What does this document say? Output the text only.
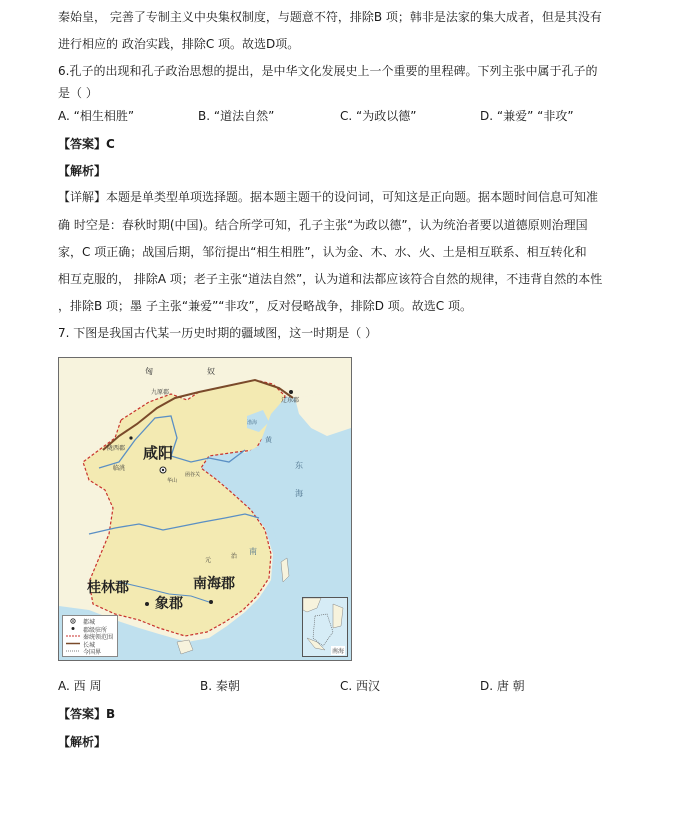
秦始皇， 完善了专制主义中央集权制度，与题意不符，排除B 项；韩非是法家的集大成者，但是其没有
进行相应的 政治实践，排除C 项。故选D项。
6.孔子的出现和孔子政治思想的提出，是中华文化发展史上一个重要的里程碑。下列主张中属于孔子的
是（ ）
A. “相生相胜”	B. “道法自然”	C. “为政以德”	D. “兼爱” “非攻”
【答案】C
【解析】
【详解】本题是单类型单项选择题。据本题主题干的设问词，可知这是正向题。据本题时间信息可知准
确 时空是：春秋时期(中国)。结合所学可知，孔子主张“为政以德”，认为统治者要以道德原则治理国
家，C 项正确；战国后期，邹衍提出“相生相胜”，认为金、木、水、火、土是相互联系、相互转化和
相互克服的， 排除A 项；老子主张“道法自然”，认为道和法都应该符合自然的规律，不违背自然的本性
，排除B 项；墨 子主张“兼爱”“非攻”，反对侵略战争，排除D 项。故选C 项。
7. 下图是我国古代某一历史时期的疆域图，这一时期是（ ）
咸阳
桂林郡	南海郡
象郡
匈	奴
九原郡
辽东郡
陇西郡
临洮
函谷关
华山
东
海
南
黄
渤海
治
元
都城
郡级驻所
秦统领范围
长城
今国界	南海
A. 西 周	B. 秦朝	C. 西汉	D. 唐 朝
【答案】B
【解析】
